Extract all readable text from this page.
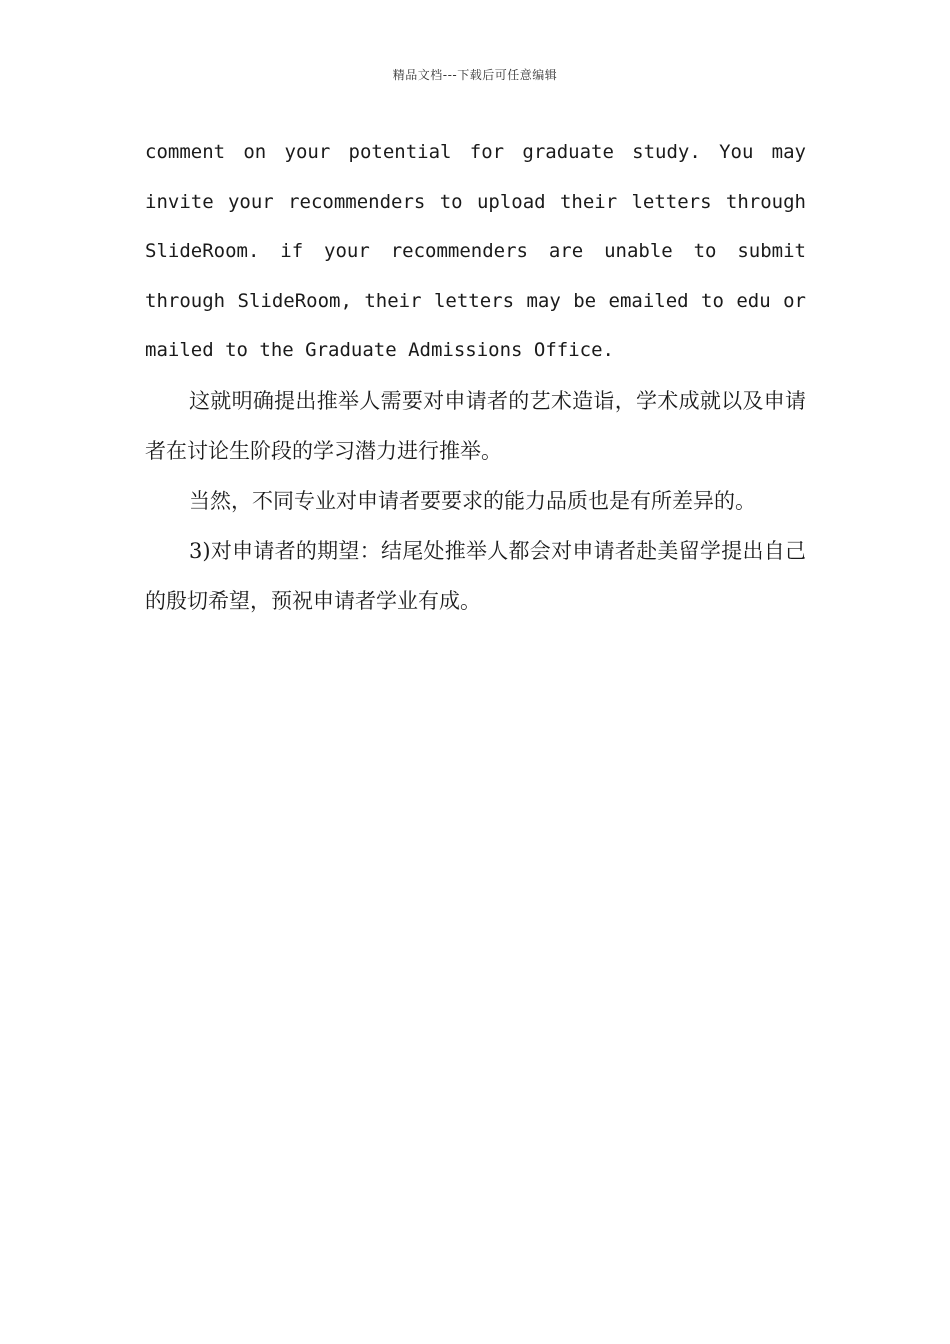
精品文档---下载后可任意编辑

comment on your potential for graduate study. You may invite your recommenders to upload their letters through SlideRoom. if your recommenders are unable to submit through SlideRoom, their letters may be emailed to edu or mailed to the Graduate Admissions Office.

这就明确提出推举人需要对申请者的艺术造诣，学术成就以及申请者在讨论生阶段的学习潜力进行推举。

当然，不同专业对申请者要要求的能力品质也是有所差异的。

3)对申请者的期望：结尾处推举人都会对申请者赴美留学提出自己的殷切希望，预祝申请者学业有成。
